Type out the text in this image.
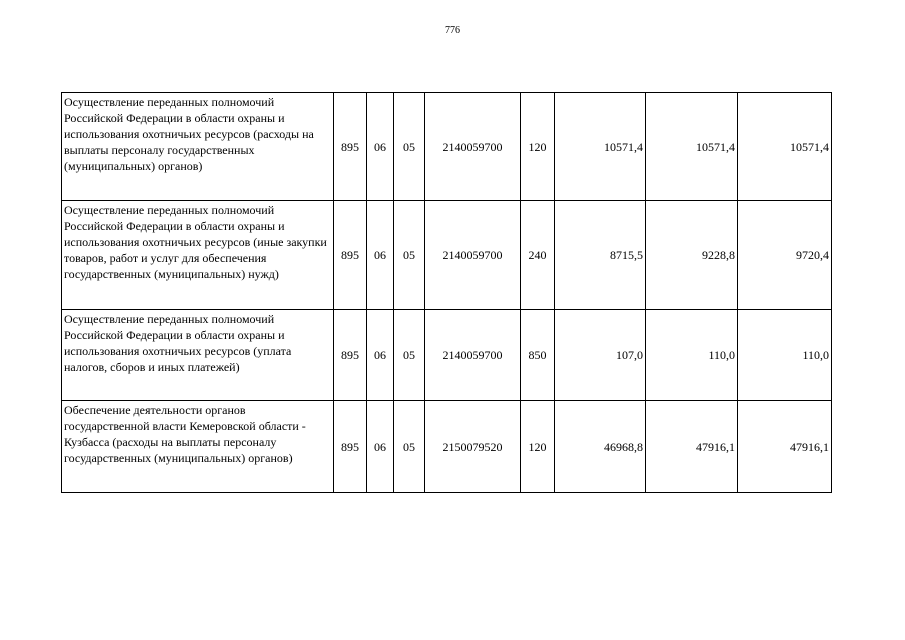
776
Осуществление переданных полномочий Российской Федерации в области охраны и использования охотничьих ресурсов (расходы на выплаты персоналу государственных (муниципальных) органов)	895	06	05	2140059700	120	10571,4	10571,4	10571,4
Осуществление переданных полномочий Российской Федерации в области охраны и использования охотничьих ресурсов (иные закупки товаров, работ и услуг для обеспечения государственных (муниципальных) нужд)	895	06	05	2140059700	240	8715,5	9228,8	9720,4
Осуществление переданных полномочий Российской Федерации в области охраны и использования охотничьих ресурсов (уплата налогов, сборов и иных платежей)	895	06	05	2140059700	850	107,0	110,0	110,0
Обеспечение деятельности органов государственной власти Кемеровской области - Кузбасса (расходы на выплаты персоналу государственных (муниципальных) органов)	895	06	05	2150079520	120	46968,8	47916,1	47916,1
